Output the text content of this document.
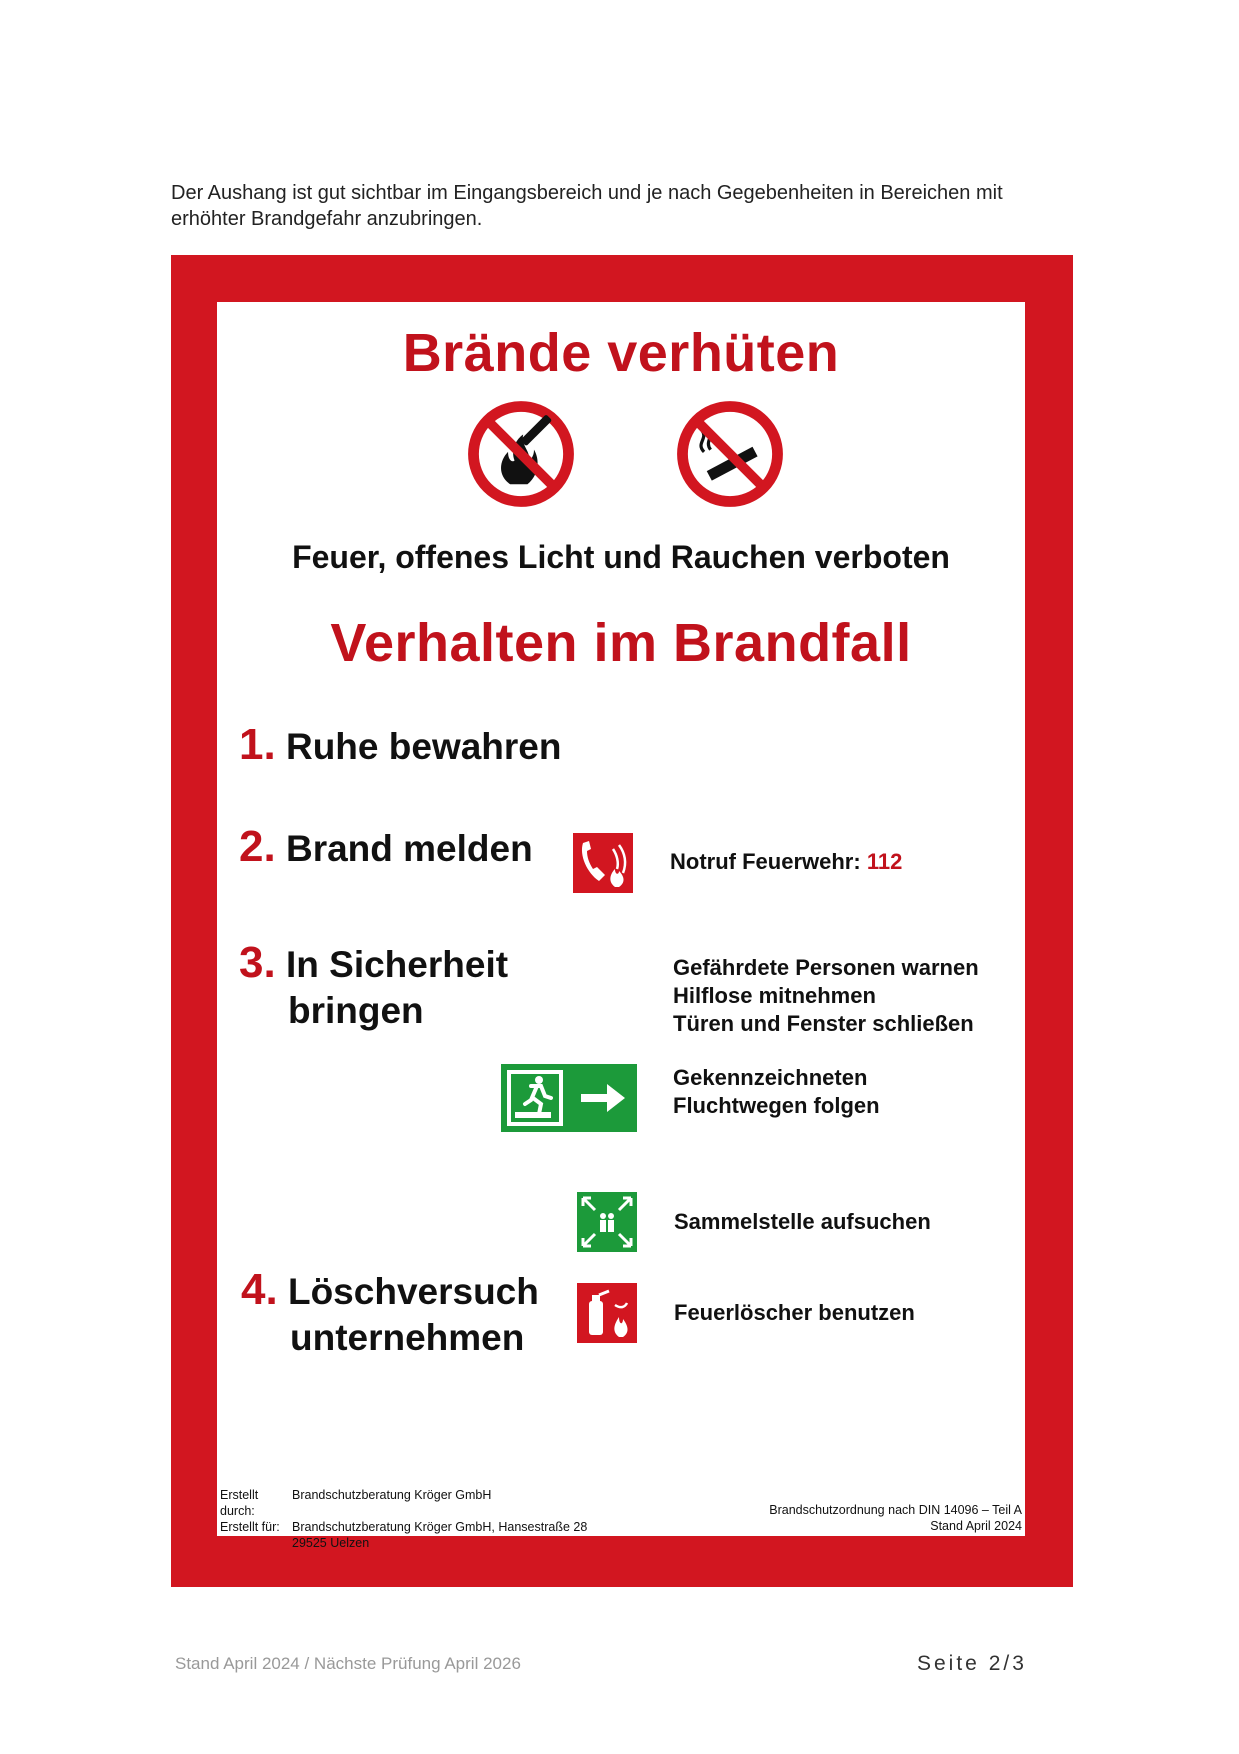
Der Aushang ist gut sichtbar im Eingangsbereich und je nach Gegebenheiten in Bereichen mit erhöhter Brandgefahr anzubringen.
Brände verhüten
Feuer, offenes Licht und Rauchen verboten
Verhalten im Brandfall
1. Ruhe bewahren
2. Brand melden	Notruf Feuerwehr: 112
3. In Sicherheit
bringen
Gefährdete Personen warnen
Hilflose mitnehmen
Türen und Fenster schließen
Gekennzeichneten
Fluchtwegen folgen
Sammelstelle aufsuchen
4. Löschversuch
unternehmen
Feuerlöscher benutzen
Erstellt durch:
Brandschutzberatung Kröger GmbH
Erstellt für: Brandschutzberatung Kröger GmbH, Hansestraße 28
29525 Uelzen
Brandschutzordnung nach DIN 14096 – Teil A
Stand April 2024
Stand April 2024 / Nächste Prüfung April 2026	Seite 2/3
